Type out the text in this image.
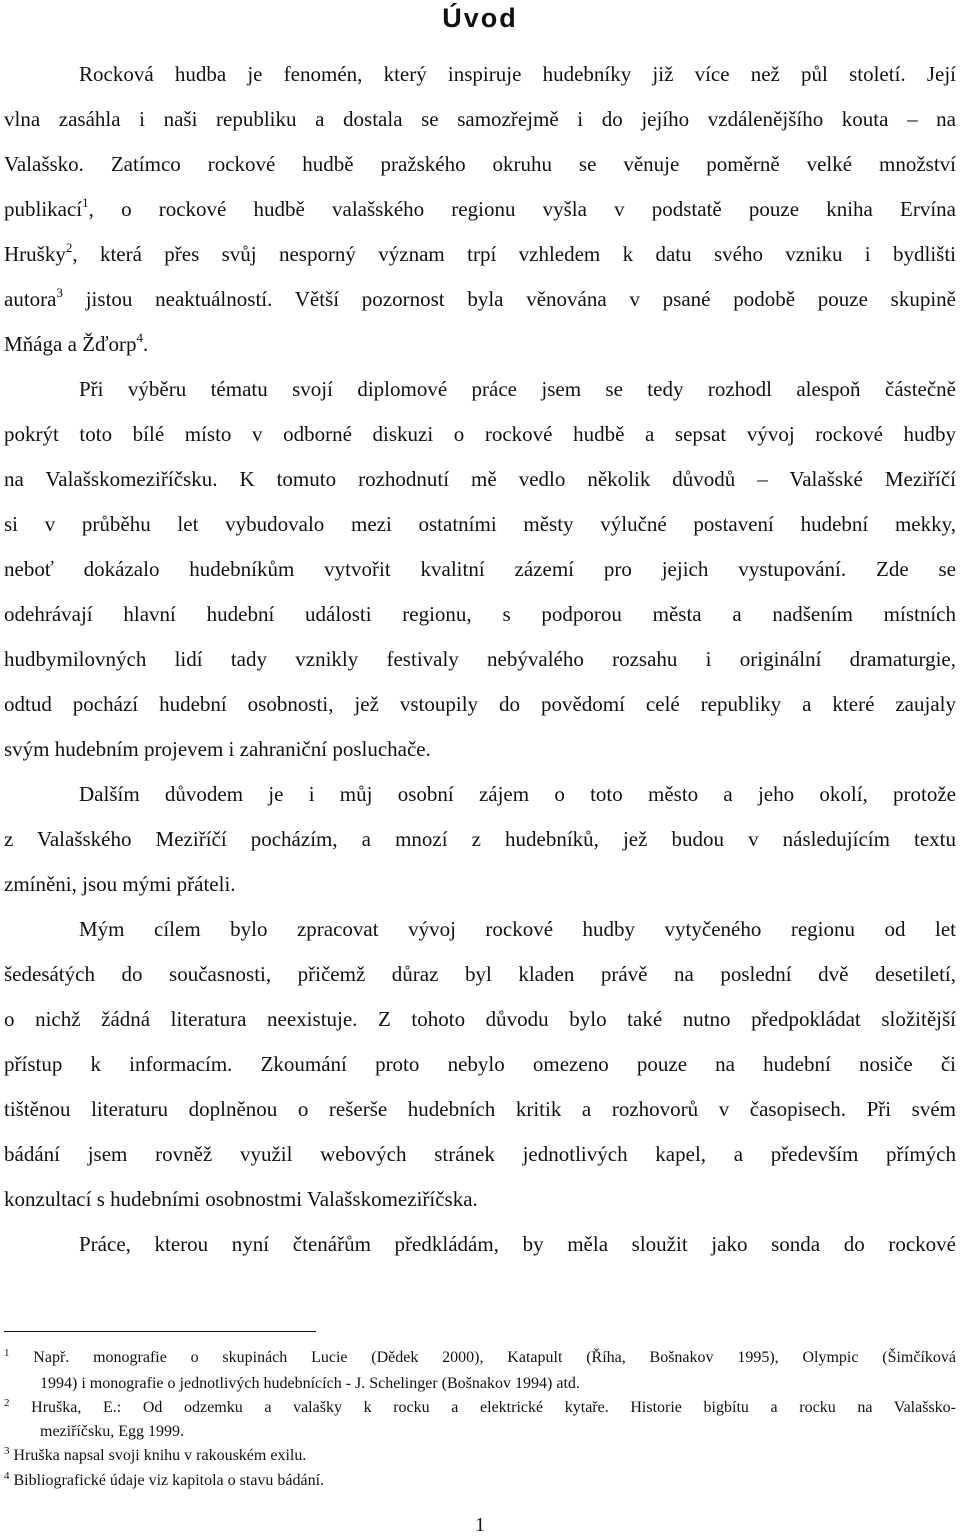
Úvod
Rocková hudba je fenomén, který inspiruje hudebníky již více než půl století. Její
vlna zasáhla i naši republiku a dostala se samozřejmě i do jejího vzdálenějšího kouta – na
Valašsko. Zatímco rockové hudbě pražského okruhu se věnuje poměrně velké množství
publikací$^1$, o rockové hudbě valašského regionu vyšla v podstatě pouze kniha Ervína
Hrušky$^2$, která přes svůj nesporný význam trpí vzhledem k datu svého vzniku i bydlišti
autora$^3$ jistou neaktuálností. Větší pozornost byla věnována v psané podobě pouze skupině
Mňága a Žďorp$^4$.
Při výběru tématu svojí diplomové práce jsem se tedy rozhodl alespoň částečně
pokrýt toto bílé místo v odborné diskuzi o rockové hudbě a sepsat vývoj rockové hudby
na Valašskomeziříčsku. K tomuto rozhodnutí mě vedlo několik důvodů – Valašské Meziříčí
si v průběhu let vybudovalo mezi ostatními městy výlučné postavení hudební mekky,
neboť dokázalo hudebníkům vytvořit kvalitní zázemí pro jejich vystupování. Zde se
odehrávají hlavní hudební události regionu, s podporou města a nadšením místních
hudbymilovných lidí tady vznikly festivaly nebývalého rozsahu i originální dramaturgie,
odtud pochází hudební osobnosti, jež vstoupily do povědomí celé republiky a které zaujaly
svým hudebním projevem i zahraniční posluchače.
Dalším důvodem je i můj osobní zájem o toto město a jeho okolí, protože
z Valašského Meziříčí pocházím, a mnozí z hudebníků, jež budou v následujícím textu
zmíněni, jsou mými přáteli.
Mým cílem bylo zpracovat vývoj rockové hudby vytyčeného regionu od let
šedesátých do současnosti, přičemž důraz byl kladen právě na poslední dvě desetiletí,
o nichž žádná literatura neexistuje. Z tohoto důvodu bylo také nutno předpokládat složitější
přístup k informacím. Zkoumání proto nebylo omezeno pouze na hudební nosiče či
tištěnou literaturu doplněnou o rešerše hudebních kritik a rozhovorů v časopisech. Při svém
bádání jsem rovněž využil webových stránek jednotlivých kapel, a především přímých
konzultací s hudebními osobnostmi Valašskomeziříčska.
Práce, kterou nyní čtenářům předkládám, by měla sloužit jako sonda do rockové
$^1$ Např. monografie o skupinách Lucie (Dědek 2000), Katapult (Říha, Bošnakov 1995), Olympic (Šimčíková
1994) i monografie o jednotlivých hudebnících - J. Schelinger (Bošnakov 1994) atd.
$^2$ Hruška, E.: Od odzemku a valašky k rocku a elektrické kytaře. Historie bigbítu a rocku na Valašsko-
meziříčsku, Egg 1999.
$^3$ Hruška napsal svoji knihu v rakouském exilu.
$^4$ Bibliografické údaje viz kapitola o stavu bádání.
1
